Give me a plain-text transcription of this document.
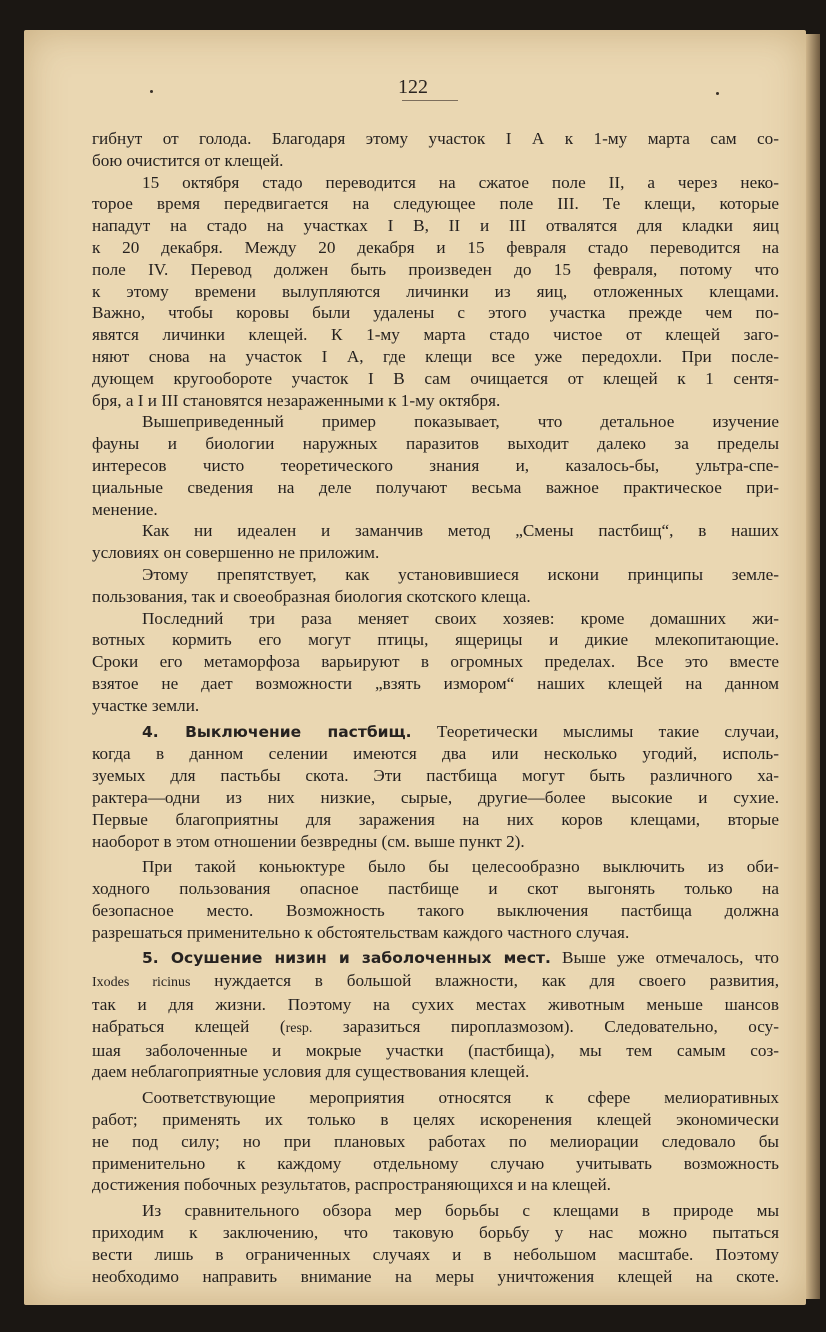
122
гибнут от голода. Благодаря этому участок I А к 1-му марта сам со-
бою очистится от клещей.
15 октября стадо переводится на сжатое поле II, а через неко-
торое время передвигается на следующее поле III. Те клещи, которые
нападут на стадо на участках I В, II и III отвалятся для кладки яиц
к 20 декабря. Между 20 декабря и 15 февраля стадо переводится на
поле IV. Перевод должен быть произведен до 15 февраля, потому что
к этому времени вылупляются личинки из яиц, отложенных клещами.
Важно, чтобы коровы были удалены с этого участка прежде чем по-
явятся личинки клещей. К 1-му марта стадо чистое от клещей заго-
няют снова на участок I А, где клещи все уже передохли. При после-
дующем кругообороте участок I В сам очищается от клещей к 1 сентя-
бря, а I и III становятся незараженными к 1-му октября.
Вышеприведенный пример показывает, что детальное изучение
фауны и биологии наружных паразитов выходит далеко за пределы
интересов чисто теоретического знания и, казалось-бы, ультра-спе-
циальные сведения на деле получают весьма важное практическое при-
менение.
Как ни идеален и заманчив метод „Смены пастбищ“, в наших
условиях он совершенно не приложим.
Этому препятствует, как установившиеся искони принципы земле-
пользования, так и своеобразная биология скотского клеща.
Последний три раза меняет своих хозяев: кроме домашних жи-
вотных кормить его могут птицы, ящерицы и дикие млекопитающие.
Сроки его метаморфоза варьируют в огромных пределах. Все это вместе
взятое не дает возможности „взять измором“ наших клещей на данном
участке земли.
4. Выключение пастбищ. Теоретически мыслимы такие случаи,
когда в данном селении имеются два или несколько угодий, исполь-
зуемых для пастьбы скота. Эти пастбища могут быть различного ха-
рактера—одни из них низкие, сырые, другие—более высокие и сухие.
Первые благоприятны для заражения на них коров клещами, вторые
наоборот в этом отношении безвредны (см. выше пункт 2).
При такой коньюктуре было бы целесообразно выключить из оби-
ходного пользования опасное пастбище и скот выгонять только на
безопасное место. Возможность такого выключения пастбища должна
разрешаться применительно к обстоятельствам каждого частного случая.
5. Осушение низин и заболоченных мест. Выше уже отмечалось, что
Ixodes ricinus нуждается в большой влажности, как для своего развития,
так и для жизни. Поэтому на сухих местах животным меньше шансов
набраться клещей (resp. заразиться пироплазмозом). Следовательно, осу-
шая заболоченные и мокрые участки (пастбища), мы тем самым соз-
даем неблагоприятные условия для существования клещей.
Соответствующие мероприятия относятся к сфере мелиоративных
работ; применять их только в целях искоренения клещей экономически
не под силу; но при плановых работах по мелиорации следовало бы
применительно к каждому отдельному случаю учитывать возможность
достижения побочных результатов, распространяющихся и на клещей.
Из сравнительного обзора мер борьбы с клещами в природе мы
приходим к заключению, что таковую борьбу у нас можно пытаться
вести лишь в ограниченных случаях и в небольшом масштабе. Поэтому
необходимо направить внимание на меры уничтожения клещей на скоте.
